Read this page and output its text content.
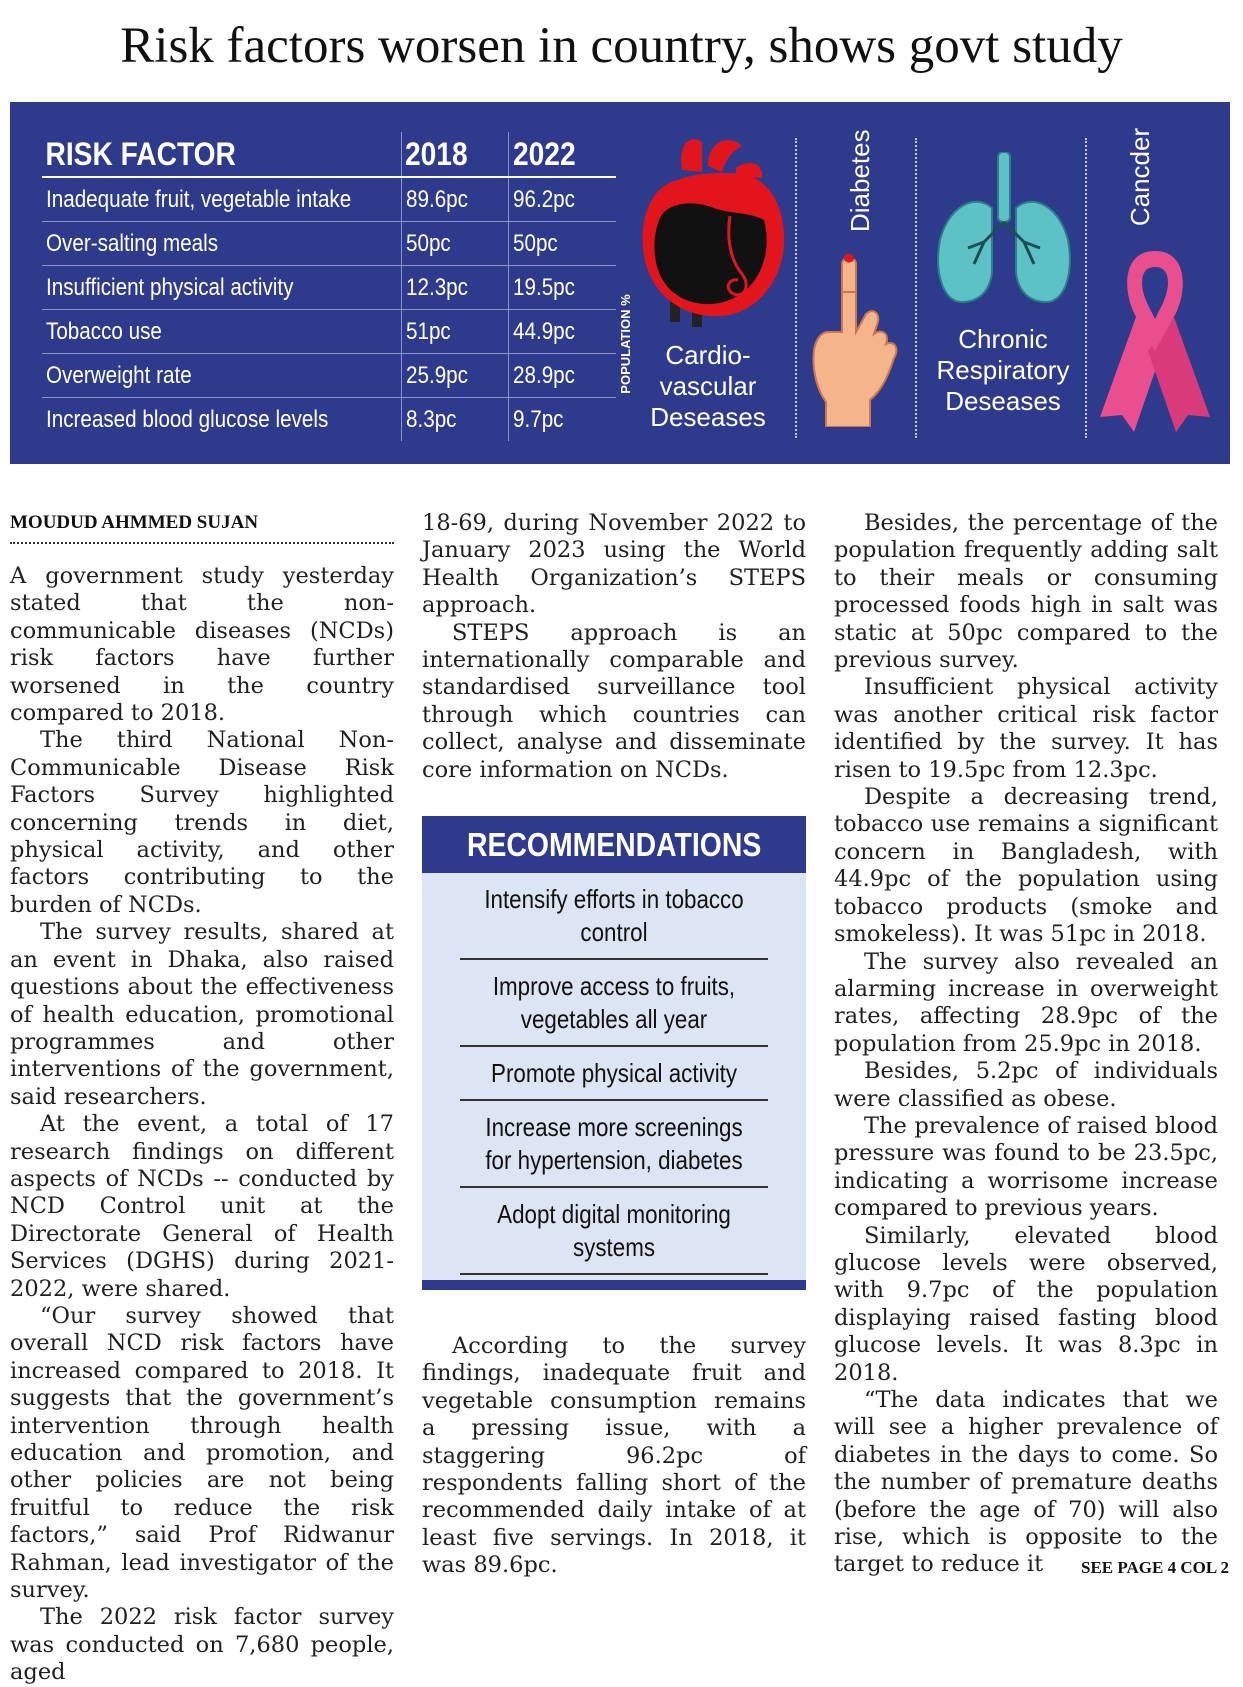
Risk factors worsen in country, shows govt study
RISK FACTOR	2018	2022
Inadequate fruit, vegetable intake	89.6pc	96.2pc
Over-salting meals	50pc	50pc
Insufficient physical activity	12.3pc	19.5pc
Tobacco use	51pc	44.9pc
Overweight rate	25.9pc	28.9pc
Increased blood glucose levels	8.3pc	9.7pc
POPULATION %	Cardio-
vascular
Deseases
Diabetes
Chronic
Respiratory
Deseases
Cancder
MOUDUD AHMMED SUJAN

A government study yesterday stated that the non-communicable diseases (NCDs) risk factors have further worsened in the country compared to 2018.

The third National Non-Communicable Disease Risk Factors Survey highlighted concerning trends in diet, physical activity, and other factors contributing to the burden of NCDs.

The survey results, shared at an event in Dhaka, also raised questions about the effectiveness of health education, promotional programmes and other interventions of the government, said researchers.

At the event, a total of 17 research findings on different aspects of NCDs -- conducted by NCD Control unit at the Directorate General of Health Services (DGHS) during 2021-2022, were shared.

“Our survey showed that overall NCD risk factors have increased compared to 2018. It suggests that the government’s intervention through health education and promotion, and other policies are not being fruitful to reduce the risk factors,” said Prof Ridwanur Rahman, lead investigator of the survey.

The 2022 risk factor survey was conducted on 7,680 people, aged

18-69, during November 2022 to January 2023 using the World Health Organization’s STEPS approach.

STEPS approach is an internationally comparable and standardised surveillance tool through which countries can collect, analyse and disseminate core information on NCDs.

RECOMMENDATIONS
Intensify efforts in tobacco control
Improve access to fruits, vegetables all year
Promote physical activity
Increase more screenings for hypertension, diabetes
Adopt digital monitoring systems

According to the survey findings, inadequate fruit and vegetable consumption remains a pressing issue, with a staggering 96.2pc of respondents falling short of the recommended daily intake of at least five servings. In 2018, it was 89.6pc.

Besides, the percentage of the population frequently adding salt to their meals or consuming processed foods high in salt was static at 50pc compared to the previous survey.

Insufficient physical activity was another critical risk factor identified by the survey. It has risen to 19.5pc from 12.3pc.

Despite a decreasing trend, tobacco use remains a significant concern in Bangladesh, with 44.9pc of the population using tobacco products (smoke and smokeless). It was 51pc in 2018.

The survey also revealed an alarming increase in overweight rates, affecting 28.9pc of the population from 25.9pc in 2018.

Besides, 5.2pc of individuals were classified as obese.

The prevalence of raised blood pressure was found to be 23.5pc, indicating a worrisome increase compared to previous years.

Similarly, elevated blood glucose levels were observed, with 9.7pc of the population displaying raised fasting blood glucose levels. It was 8.3pc in 2018.

“The data indicates that we will see a higher prevalence of diabetes in the days to come. So the number of premature deaths (before the age of 70) will also rise, which is opposite to the target to reduce it	SEE PAGE 4 COL 2
